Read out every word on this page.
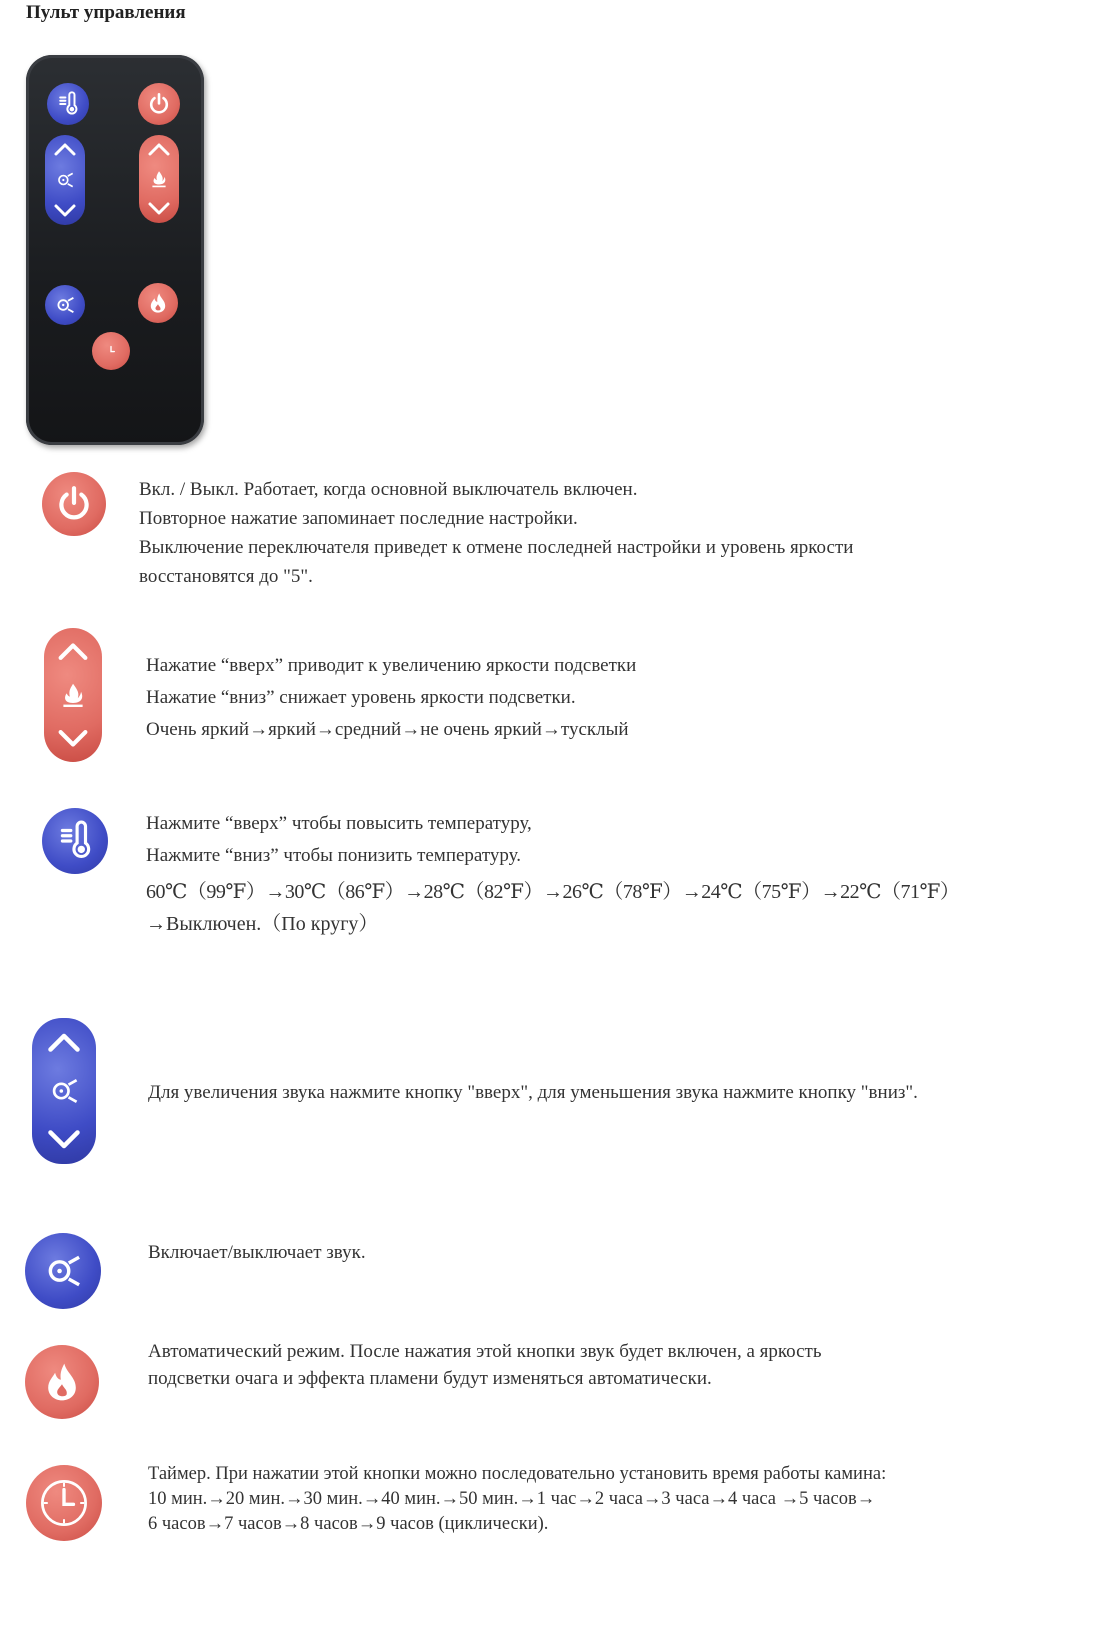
Пульт управления

Вкл. / Выкл. Работает, когда основной выключатель включен.

Повторное нажатие запоминает последние настройки.

Выключение переключателя приведет к отмене последней настройки и уровень яркости

восстановятся до "5".

Нажатие “вверх” приводит к увеличению яркости подсветки

Нажатие “вниз” снижает уровень яркости подсветки.

Очень яркий→яркий→средний→не очень яркий→тусклый

Нажмите “вверх” чтобы повысить температуру,

Нажмите “вниз” чтобы понизить температуру.

60℃（99℉）→30℃（86℉）→28℃（82℉）→26℃（78℉）→24℃（75℉）→22℃（71℉）

→Выключен.（По кругу）

Для увеличения звука нажмите кнопку "вверх", для уменьшения звука нажмите кнопку "вниз".

Включает/выключает звук.

Автоматический режим. После нажатия этой кнопки звук будет включен, а яркость

подсветки очага и эффекта пламени будут изменяться автоматически.

Таймер. При нажатии этой кнопки можно последовательно установить время работы камина:

10 мин.→20 мин.→30 мин.→40 мин.→50 мин.→1 час→2 часа→3 часа→4 часа →5 часов→

6 часов→7 часов→8 часов→9 часов (циклически).
